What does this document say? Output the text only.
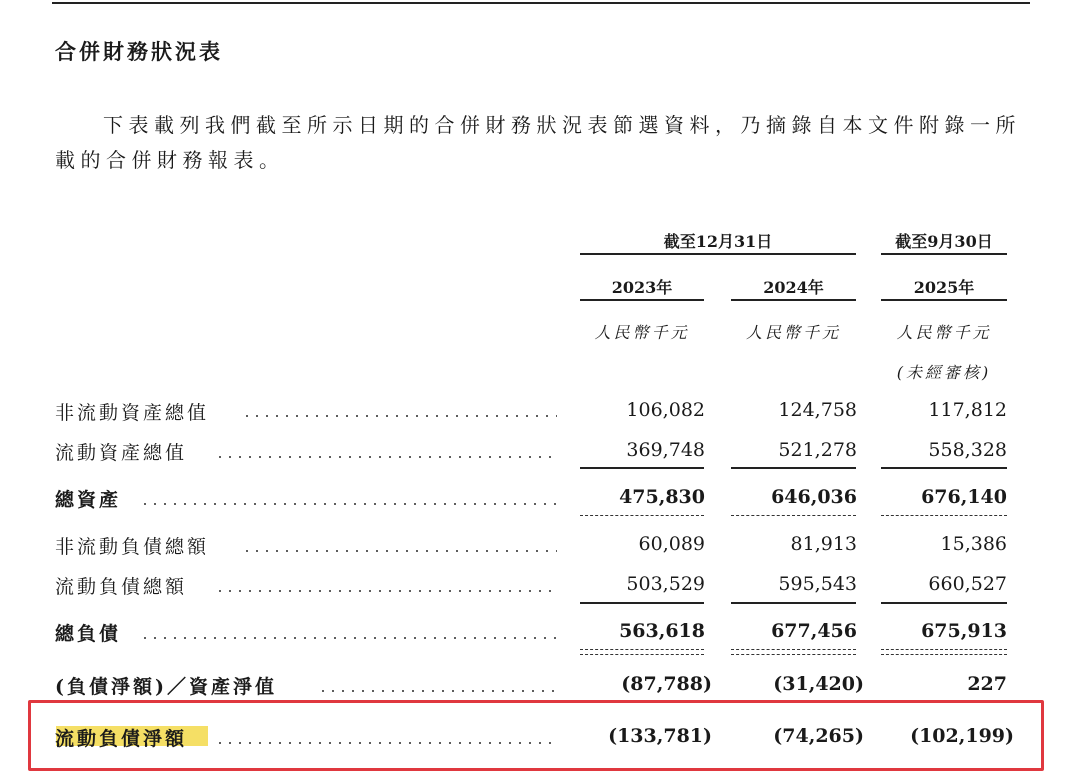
合併財務狀況表

下表載列我們截至所示日期的合併財務狀況表節選資料，乃摘錄自本文件附錄一所載的合併財務報表。

截至12月31日	截至9月30日
2023年	2024年	2025年
人民幣千元	人民幣千元	人民幣千元
(未經審核)
非流動資產總值	106,082	124,758	117,812
流動資產總值	369,748	521,278	558,328
總資產	475,830	646,036	676,140
非流動負債總額	60,089	81,913	15,386
流動負債總額	503,529	595,543	660,527
總負債	563,618	677,456	675,913
(負債淨額)／資產淨值	(87,788)	(31,420)	227
流動負債淨額	(133,781)	(74,265)	(102,199)
